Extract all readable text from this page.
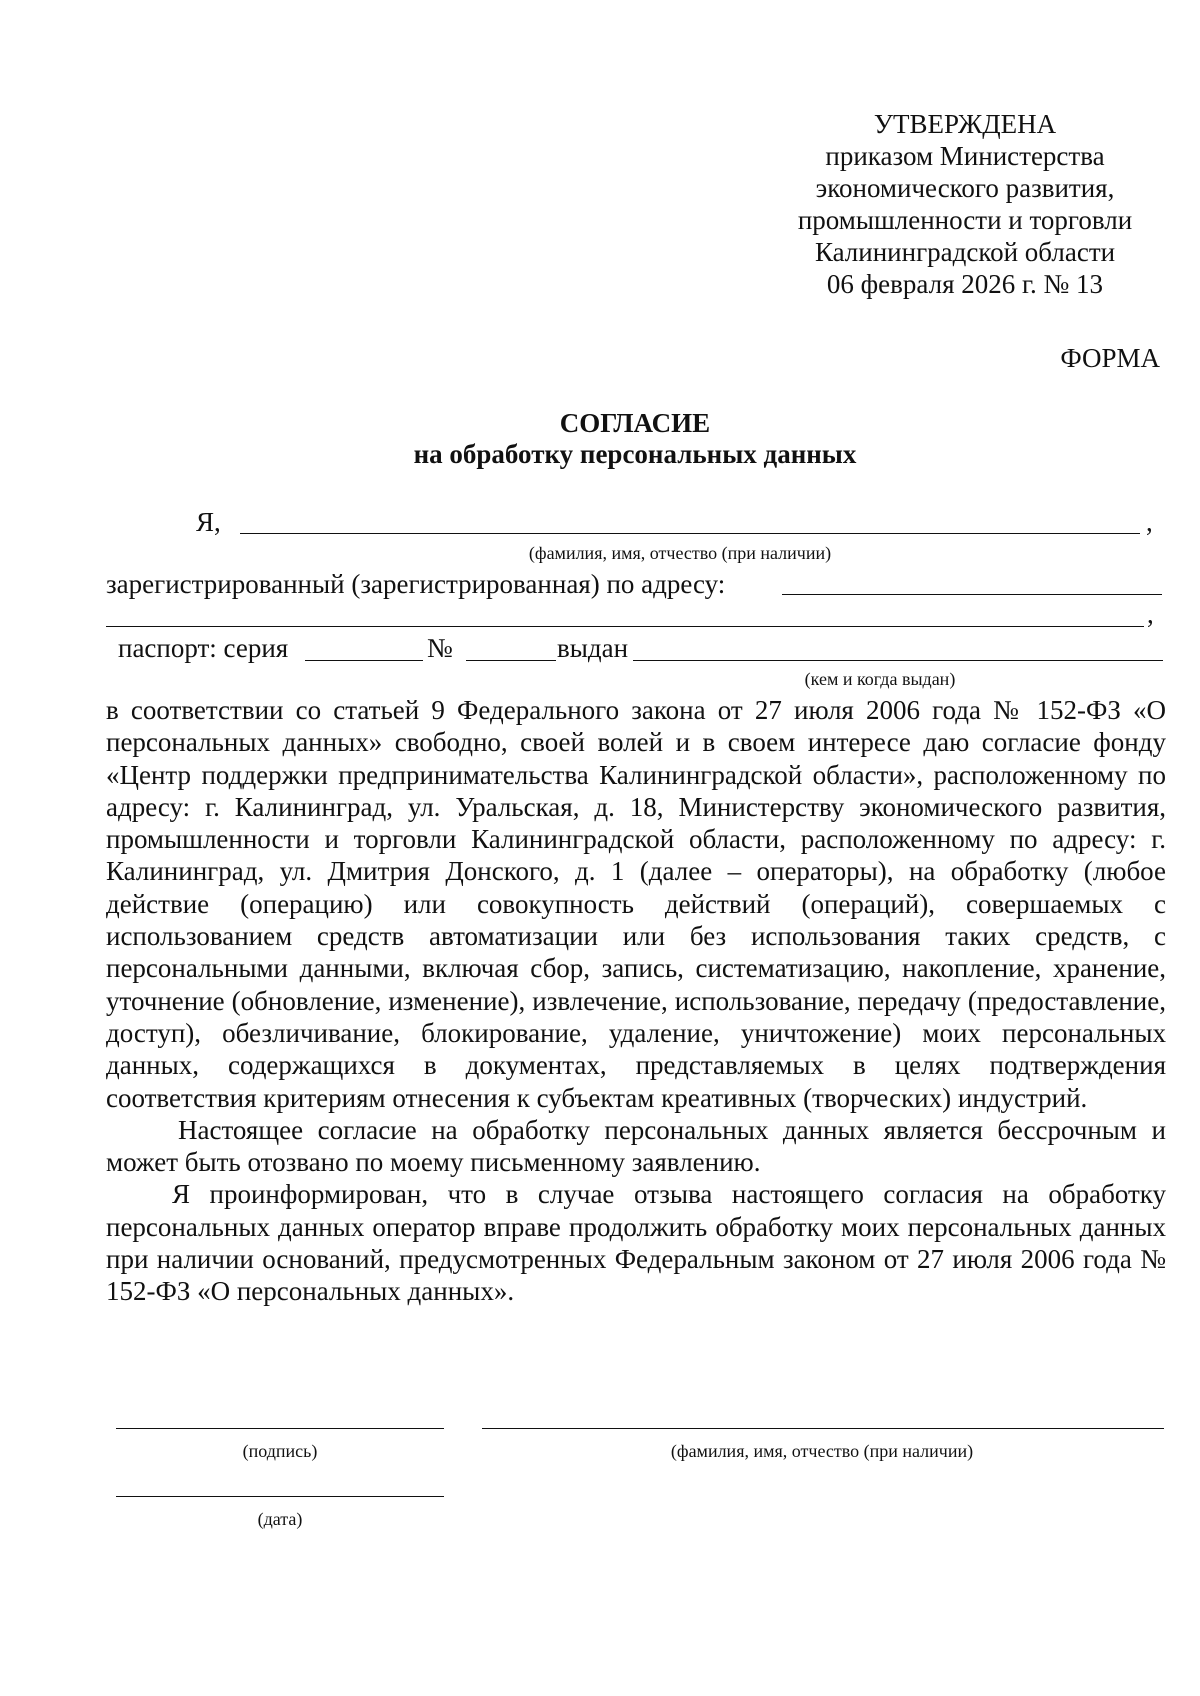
УТВЕРЖДЕНА
приказом Министерства
экономического развития,
промышленности и торговли
Калининградской области
06 февраля 2026 г. № 13
ФОРМА
СОГЛАСИЕ
на обработку персональных данных
Я,	,
(фамилия, имя, отчество (при наличии)
зарегистрированный (зарегистрированная) по адресу:
,
паспорт: серия	№	выдан
(кем и когда выдан)

в соответствии со статьей 9 Федерального закона от 27 июля 2006 года № 152-ФЗ «О персональных данных» свободно, своей волей и в своем интересе даю согласие фонду «Центр поддержки предпринимательства Калининградской области», расположенному по адресу: г. Калининград, ул. Уральская, д. 18, Министерству экономического развития, промышленности и торговли Калининградской области, расположенному по адресу: г. Калининград, ул. Дмитрия Донского, д. 1 (далее – операторы), на обработку (любое действие (операцию) или совокупность действий (операций), совершаемых с использованием средств автоматизации или без использования таких средств, с персональными данными, включая сбор, запись, систематизацию, накопление, хранение, уточнение (обновление, изменение), извлечение, использование, передачу (предоставление, доступ), обезличивание, блокирование, удаление, уничтожение) моих персональных данных, содержащихся в документах, представляемых в целях подтверждения соответствия критериям отнесения к субъектам креативных (творческих) индустрий.

Настоящее согласие на обработку персональных данных является бессрочным и может быть отозвано по моему письменному заявлению.

Я проинформирован, что в случае отзыва настоящего согласия на обработку персональных данных оператор вправе продолжить обработку моих персональных данных при наличии оснований, предусмотренных Федеральным законом от 27 июля 2006 года № 152-ФЗ «О персональных данных».

(подпись)	(фамилия, имя, отчество (при наличии)
(дата)
